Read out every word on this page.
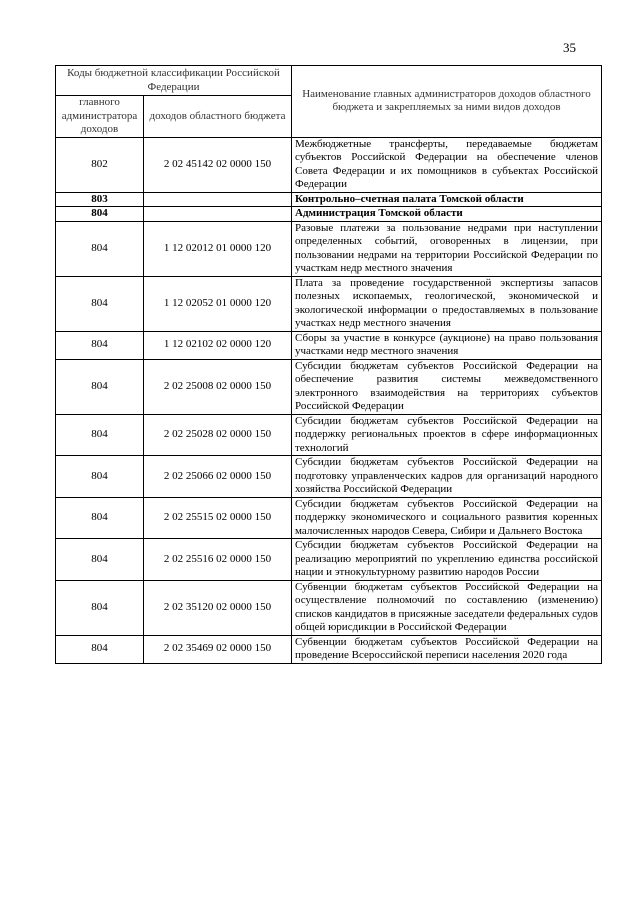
35
Коды бюджетной классификации Российской Федерации		Наименование главных администраторов доходов областного бюджета и закрепляемых за ними видов доходов
главного администратора доходов	доходов областного бюджета	
802	2 02 45142 02 0000 150	Межбюджетные трансферты, передаваемые бюджетам субъектов Российской Федерации на обеспечение членов Совета Федерации и их помощников в субъектах Российской Федерации
803		Контрольно–счетная палата Томской области
804		Администрация Томской области
804	1 12 02012 01 0000 120	Разовые платежи за пользование недрами при наступлении определенных событий, оговоренных в лицензии, при пользовании недрами на территории Российской Федерации по участкам недр местного значения
804	1 12 02052 01 0000 120	Плата за проведение государственной экспертизы запасов полезных ископаемых, геологической, экономической и экологической информации о предоставляемых в пользование участках недр местного значения
804	1 12 02102 02 0000 120	Сборы за участие в конкурсе (аукционе) на право пользования участками недр местного значения
804	2 02 25008 02 0000 150	Субсидии бюджетам субъектов Российской Федерации на обеспечение развития системы межведомственного электронного взаимодействия на территориях субъектов Российской Федерации
804	2 02 25028 02 0000 150	Субсидии бюджетам субъектов Российской Федерации на поддержку региональных проектов в сфере информационных технологий
804	2 02 25066 02 0000 150	Субсидии бюджетам субъектов Российской Федерации на подготовку управленческих кадров для организаций народного хозяйства Российской Федерации
804	2 02 25515 02 0000 150	Субсидии бюджетам субъектов Российской Федерации на поддержку экономического и социального развития коренных малочисленных народов Севера, Сибири и Дальнего Востока
804	2 02 25516 02 0000 150	Субсидии бюджетам субъектов Российской Федерации на реализацию мероприятий по укреплению единства российской нации и этнокультурному развитию народов России
804	2 02 35120 02 0000 150	Субвенции бюджетам субъектов Российской Федерации на осуществление полномочий по составлению (изменению) списков кандидатов в присяжные заседатели федеральных судов общей юрисдикции в Российской Федерации
804	2 02 35469 02 0000 150	Субвенции бюджетам субъектов Российской Федерации на проведение Всероссийской переписи населения 2020 года
